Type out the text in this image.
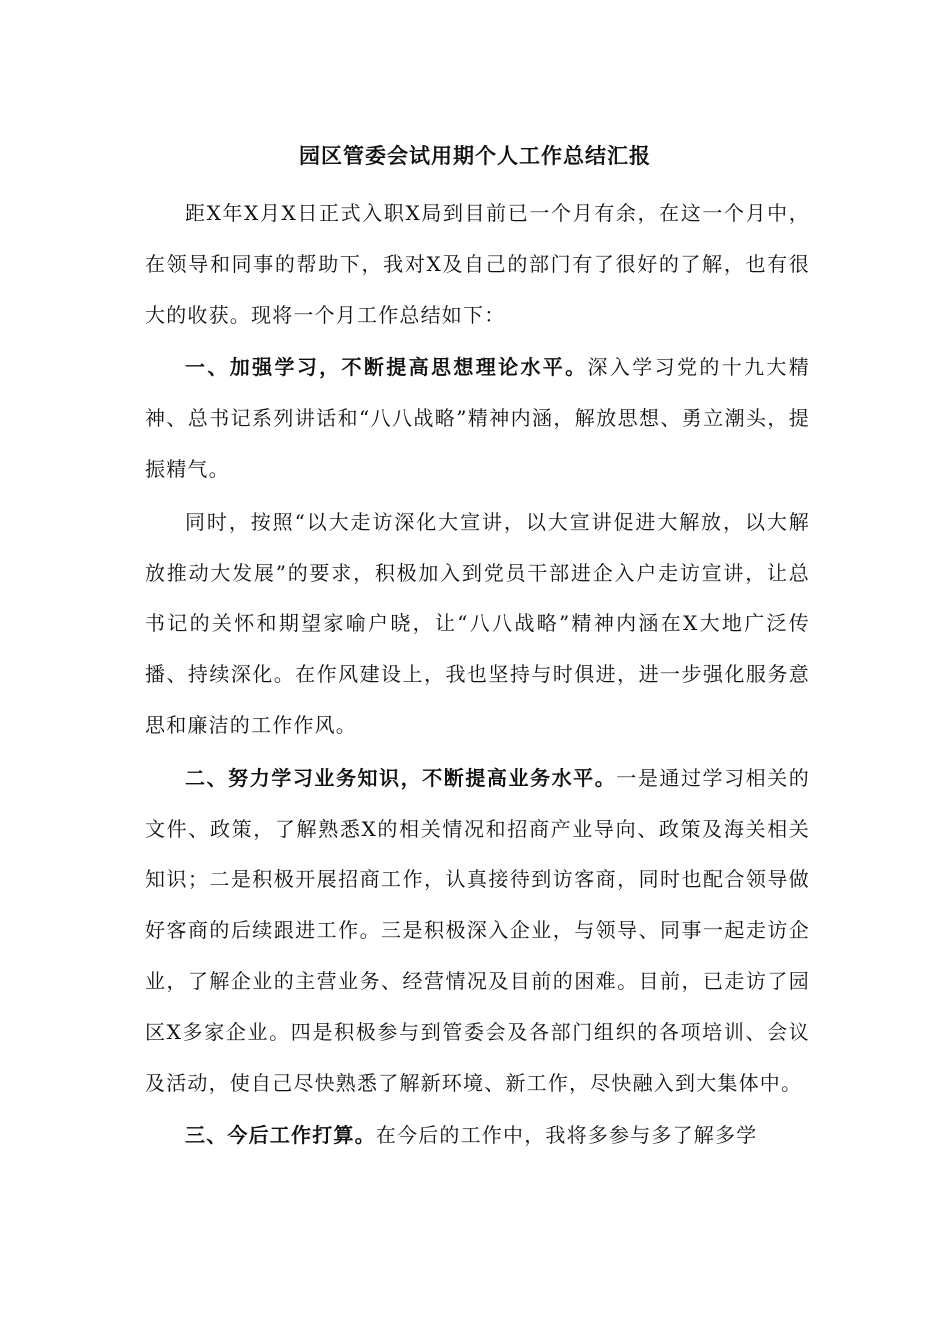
园区管委会试用期个人工作总结汇报

距X年X月X日正式入职X局到目前已一个月有余，在这一个月中，在领导和同事的帮助下，我对X及自己的部门有了很好的了解，也有很大的收获。现将一个月工作总结如下：

一、加强学习，不断提高思想理论水平。深入学习党的十九大精神、总书记系列讲话和“八八战略”精神内涵，解放思想、勇立潮头，提振精气。

同时，按照“以大走访深化大宣讲，以大宣讲促进大解放，以大解放推动大发展”的要求，积极加入到党员干部进企入户走访宣讲，让总书记的关怀和期望家喻户晓，让“八八战略”精神内涵在X大地广泛传播、持续深化。在作风建设上，我也坚持与时俱进，进一步强化服务意思和廉洁的工作作风。

二、努力学习业务知识，不断提高业务水平。一是通过学习相关的文件、政策，了解熟悉X的相关情况和招商产业导向、政策及海关相关知识；二是积极开展招商工作，认真接待到访客商，同时也配合领导做好客商的后续跟进工作。三是积极深入企业，与领导、同事一起走访企业，了解企业的主营业务、经营情况及目前的困难。目前，已走访了园区X多家企业。四是积极参与到管委会及各部门组织的各项培训、会议及活动，使自己尽快熟悉了解新环境、新工作，尽快融入到大集体中。

三、今后工作打算。在今后的工作中，我将多参与多了解多学
